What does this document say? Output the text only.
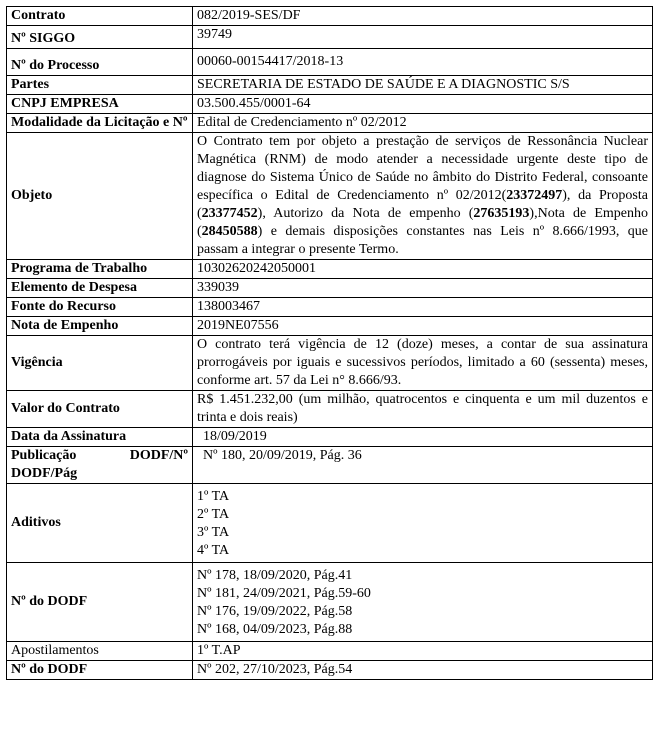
Contrato	082/2019-SES/DF
Nº SIGGO	39749
Nº do Processo	00060-00154417/2018-13
Partes	SECRETARIA DE ESTADO DE SAÚDE E A DIAGNOSTIC S/S
CNPJ EMPRESA	03.500.455/0001-64
Modalidade da Licitação e Nº	Edital de Credenciamento nº 02/2012
Objeto	O Contrato tem por objeto a prestação de serviços de Ressonância Nuclear Magnética (RNM) de modo atender a necessidade urgente deste tipo de diagnose do Sistema Único de Saúde no âmbito do Distrito Federal, consoante específica o Edital de Credenciamento nº 02/2012(23372497), da Proposta (23377452), Autorizo da Nota de empenho (27635193),Nota de Empenho (28450588) e demais disposições constantes nas Leis nº 8.666/1993, que passam a integrar o presente Termo.
Programa de Trabalho	10302620242050001
Elemento de Despesa	339039
Fonte do Recurso	138003467
Nota de Empenho	2019NE07556
Vigência	O contrato terá vigência de 12 (doze) meses, a contar de sua assinatura prorrogáveis por iguais e sucessivos períodos, limitado a 60 (sessenta) meses, conforme art. 57 da Lei n° 8.666/93.
Valor do Contrato	R$ 1.451.232,00 (um milhão, quatrocentos e cinquenta e um mil duzentos e trinta e dois reais)
Data da Assinatura	18/09/2019

Publicação DODF/Nº
DODF/Pág	Nº 180, 20/09/2019, Pág. 36
Aditivos	1º TA
2º TA
3º TA
4º TA

Nº do DODF	Nº 178, 18/09/2020, Pág.41
Nº 181, 24/09/2021, Pág.59-60
Nº 176, 19/09/2022, Pág.58
Nº 168, 04/09/2023, Pág.88

Apostilamentos	1º T.AP
Nº do DODF	Nº 202, 27/10/2023, Pág.54
